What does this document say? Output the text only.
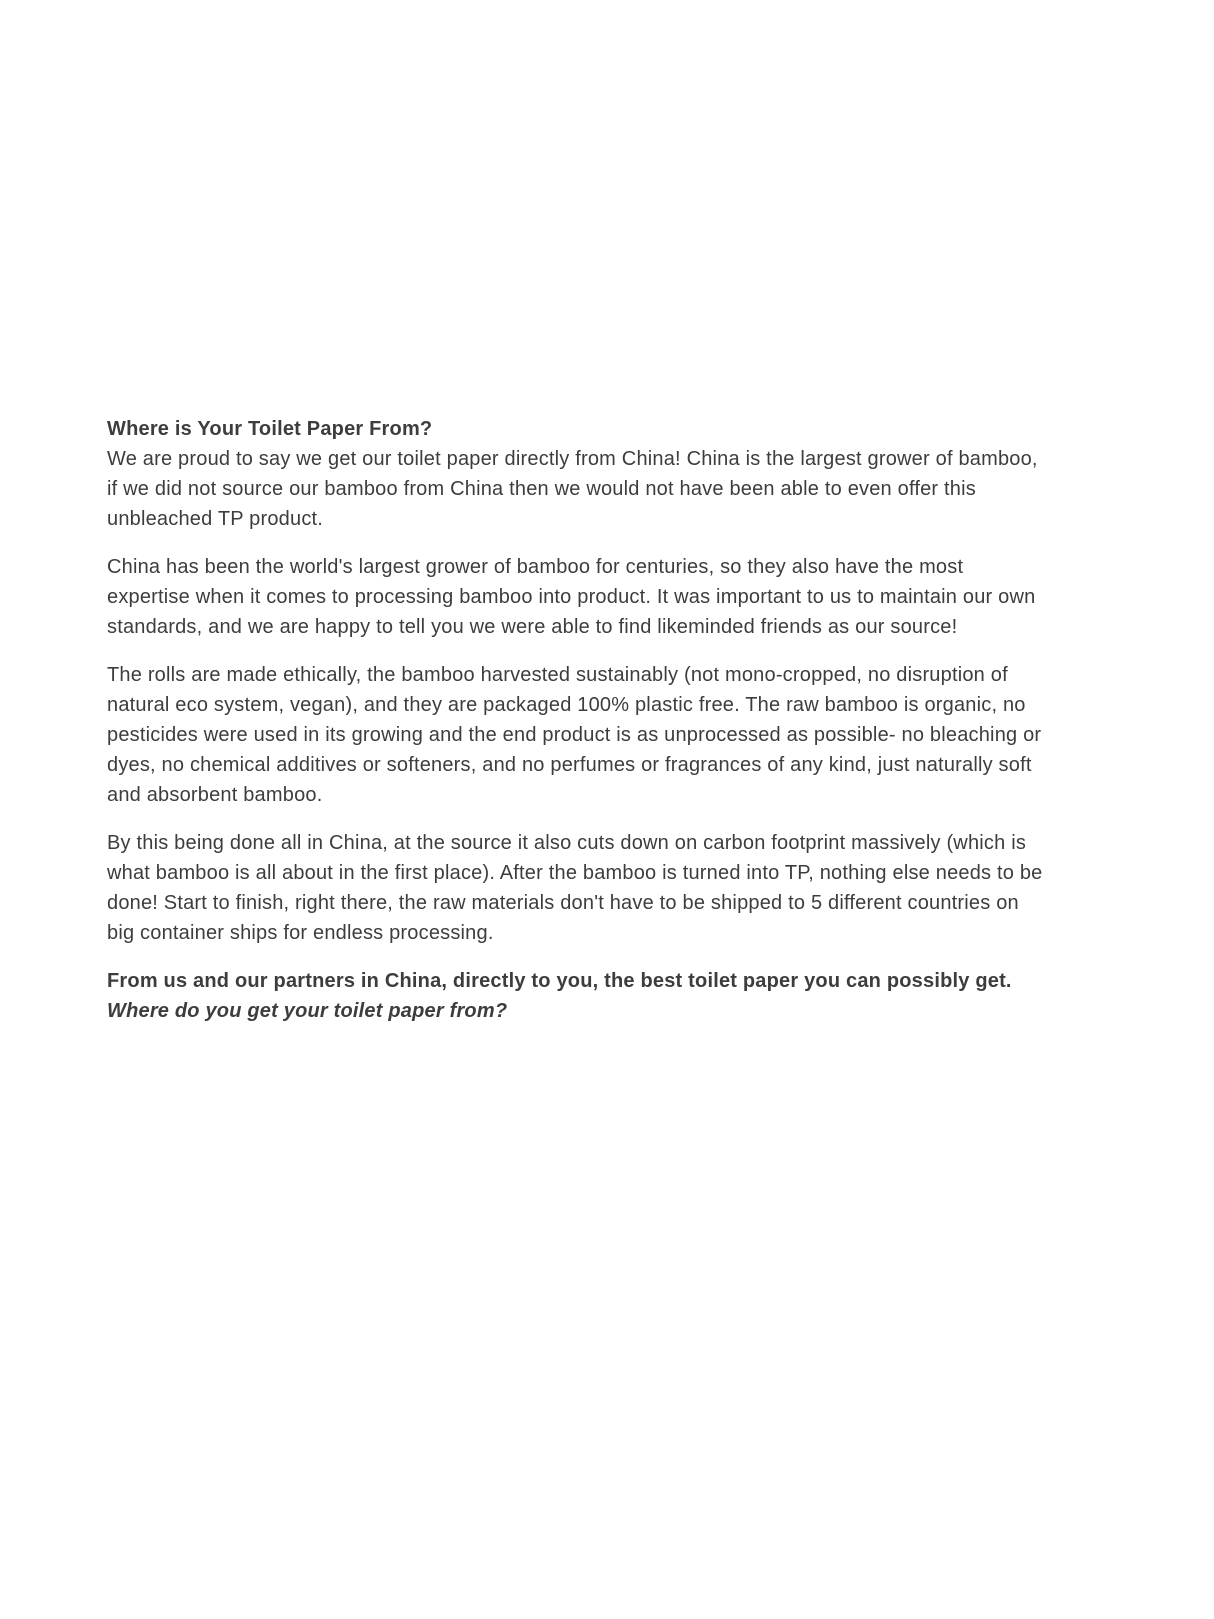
Where is Your Toilet Paper From?

We are proud to say we get our toilet paper directly from China! China is the largest grower of bamboo, if we did not source our bamboo from China then we would not have been able to even offer this unbleached TP product.

China has been the world's largest grower of bamboo for centuries, so they also have the most expertise when it comes to processing bamboo into product. It was important to us to maintain our own standards, and we are happy to tell you we were able to find likeminded friends as our source!

The rolls are made ethically, the bamboo harvested sustainably (not mono-cropped, no disruption of natural eco system, vegan), and they are packaged 100% plastic free. The raw bamboo is organic, no pesticides were used in its growing and the end product is as unprocessed as possible- no bleaching or dyes, no chemical additives or softeners, and no perfumes or fragrances of any kind, just naturally soft and absorbent bamboo.

By this being done all in China, at the source it also cuts down on carbon footprint massively (which is what bamboo is all about in the first place). After the bamboo is turned into TP, nothing else needs to be done! Start to finish, right there, the raw materials don't have to be shipped to 5 different countries on big container ships for endless processing.

From us and our partners in China, directly to you, the best toilet paper you can possibly get. Where do you get your toilet paper from?
